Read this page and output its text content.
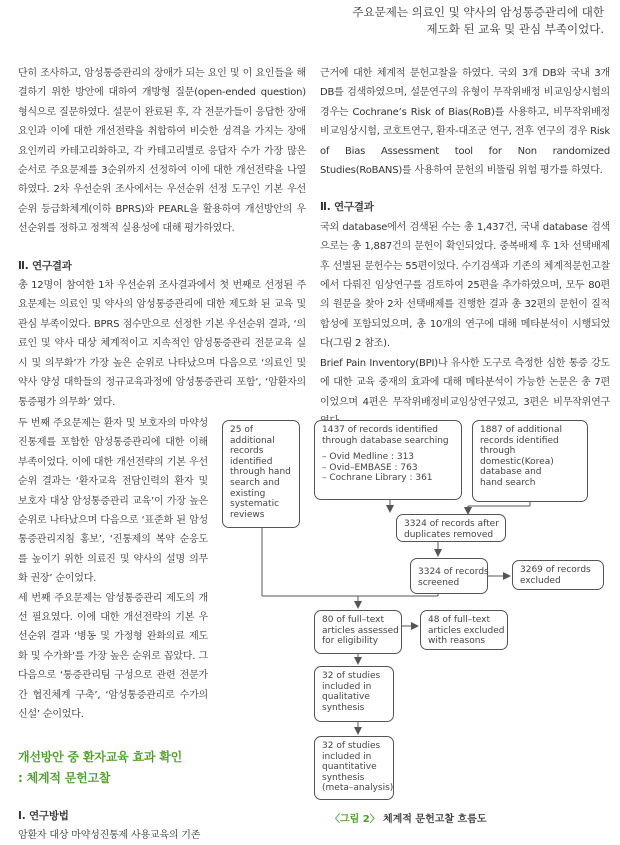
주요문제는 의료인 및 약사의 암성통증관리에 대한
제도화 된 교육 및 관심 부족이었다.

단히 조사하고, 암성통증관리의 장애가 되는 요인 및 이 요인들을 해결하기 위한 방안에 대하여 개방형 질문(open-ended question) 형식으로 질문하였다. 설문이 완료된 후, 각 전문가들이 응답한 장애요인과 이에 대한 개선전략을 취합하여 비슷한 성격을 가지는 장애요인끼리 카테고리화하고, 각 카테고리별로 응답자 수가 가장 많은 순서로 주요문제를 3순위까지 선정하여 이에 대한 개선전략을 나열하였다. 2차 우선순위 조사에서는 우선순위 선정 도구인 기본 우선순위 등급화체계(이하 BPRS)와 PEARL을 활용하여 개선방안의 우선순위를 정하고 정책적 실용성에 대해 평가하였다.

Ⅱ. 연구결과

총 12명이 참여한 1차 우선순위 조사결과에서 첫 번째로 선정된 주요문제는 의료인 및 약사의 암성통증관리에 대한 제도화 된 교육 및 관심 부족이었다. BPRS 점수만으로 선정한 기본 우선순위 결과, ‘의료인 및 약사 대상 체계적이고 지속적인 암성통증관리 전문교육 실시 및 의무화’가 가장 높은 순위로 나타났으며 다음으로 ‘의료인 및 약사 양성 대학들의 정규교육과정에 암성통증관리 포함’, ‘암환자의 통증평가 의무화’ 였다.

두 번째 주요문제는 환자 및 보호자의 마약성진통제를 포함한 암성통증관리에 대한 이해부족이었다. 이에 대한 개선전략의 기본 우선순위 결과는 ‘환자교육 전담인력의 환자 및 보호자 대상 암성통증관리 교육’이 가장 높은 순위로 나타났으며 다음으로 ‘표준화 된 암성통증관리지침 홍보’, ‘진통제의 복약 순응도를 높이기 위한 의료진 및 약사의 설명 의무화 권장’ 순이었다.

세 번째 주요문제는 암성통증관리 제도의 개선 필요였다. 이에 대한 개선전략의 기본 우선순위 결과 ‘병동 및 가정형 완화의료 제도화 및 수가화’를 가장 높은 순위로 꼽았다. 그 다음으로 ‘통증관리팀 구성으로 관련 전문가 간 협진체계 구축’, ‘암성통증관리로 수가의 신설’ 순이었다.

개선방안 중 환자교육 효과 확인
: 체계적 문헌고찰

Ⅰ. 연구방법

암환자 대상 마약성진통제 사용교육의 기존

근거에 대한 체계적 문헌고찰을 하였다. 국외 3개 DB와 국내 3개 DB를 검색하였으며, 설문연구의 유형이 무작위배정 비교임상시험의 경우는 Cochrane’s Risk of Bias(RoB)를 사용하고, 비무작위배정 비교임상시험, 코호트연구, 환자-대조군 연구, 전후 연구의 경우 Risk of Bias Assessment tool for Non randomized Studies(RoBANS)를 사용하여 문헌의 비뚤림 위험 평가를 하였다.

Ⅱ. 연구결과

국외 database에서 검색된 수는 총 1,437건, 국내 database 검색으로는 총 1,887건의 문헌이 확인되었다. 중복배제 후 1차 선택배제 후 선별된 문헌수는 55편이었다. 수기검색과 기존의 체계적문헌고찰에서 다뤄진 임상연구를 검토하여 25편을 추가하였으며, 모두 80편의 원문을 찾아 2차 선택배제를 진행한 결과 총 32편의 문헌이 질적 합성에 포함되었으며, 총 10개의 연구에 대해 메타분석이 시행되었다(그림 2 참조).

Brief Pain Inventory(BPI)나 유사한 도구로 측정한 심한 통증 강도에 대한 교육 중재의 효과에 대해 메타분석이 가능한 논문은 총 7편이었으며 4편은 무작위배정비교임상연구였고, 3편은 비무작위연구

25 of
additional
records
identified
through hand
search and
existing
systematic
reviews
1437 of records identified
through database searching
– Ovid Medline : 313
– Ovid–EMBASE : 763
– Cochrane Library : 361
1887 of additional
records identified
through
domestic(Korea)
database and
hand search
3324 of records after
duplicates removed
3324 of records
screened
3269 of records
excluded
80 of full–text
articles assessed
for eligibility
48 of full–text
articles excluded
with reasons
32 of studies
included in
qualitative
synthesis
32 of studies
included in
quantitative
synthesis
(meta–analysis)
〈그림 2〉 체계적 문헌고찰 흐름도
